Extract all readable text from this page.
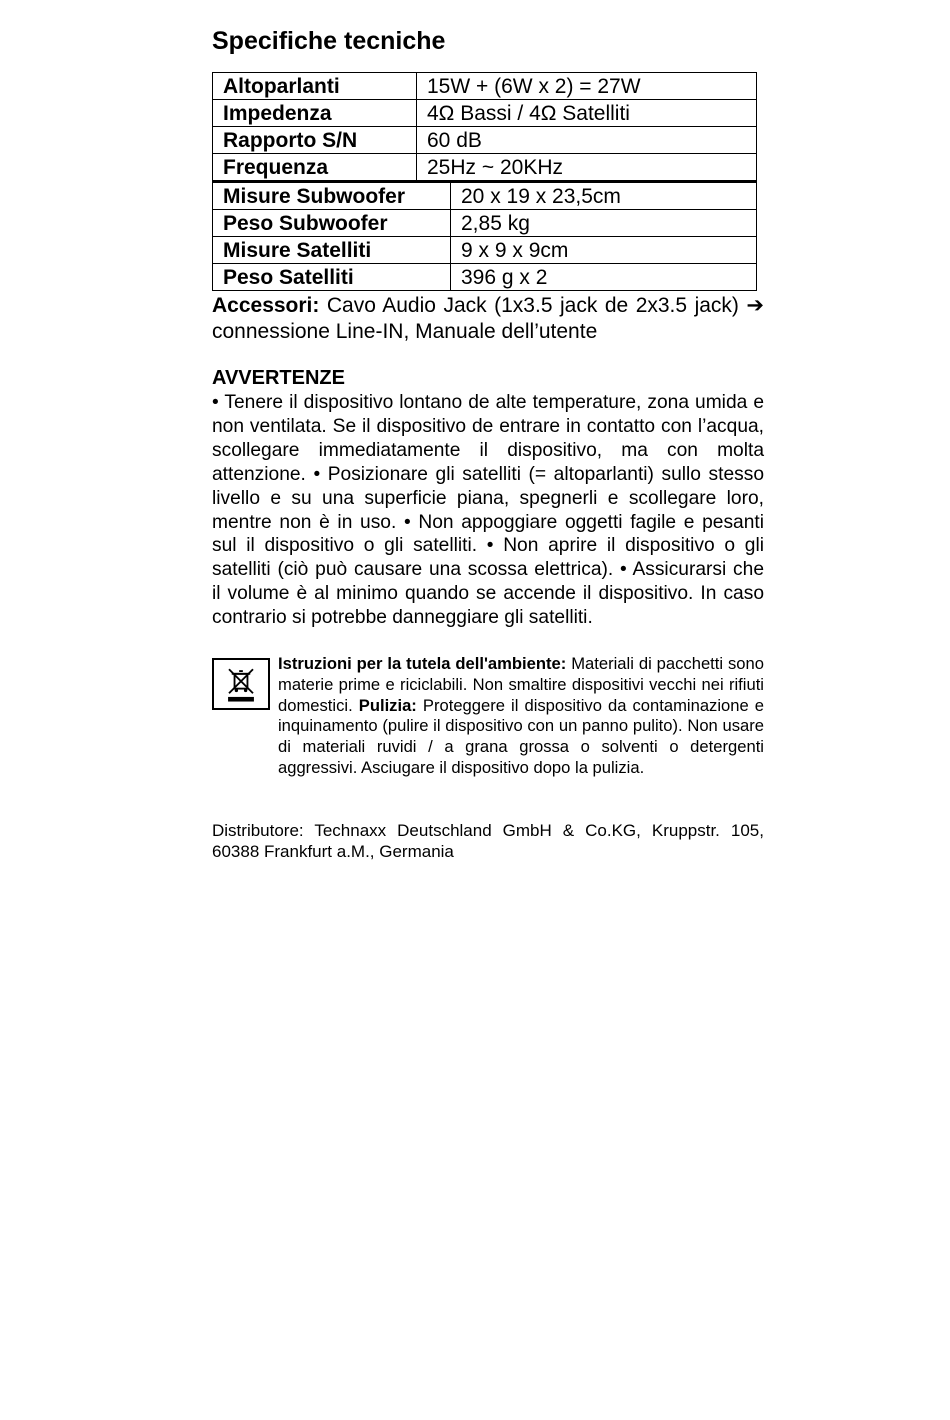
Specifiche tecniche
Altoparlanti	15W + (6W x 2) = 27W
Impedenza	4Ω Bassi / 4Ω Satelliti
Rapporto S/N	60 dB
Frequenza	25Hz ~ 20KHz
Misure Subwoofer	20 x 19 x 23,5cm
Peso Subwoofer	2,85 kg
Misure Satelliti	9 x 9 x 9cm
Peso Satelliti	396 g x 2

Accessori: Cavo Audio Jack (1x3.5 jack de 2x3.5 jack) ➔ connessione Line-IN, Manuale dell’utente

AVVERTENZE

• Tenere il dispositivo lontano de alte temperature, zona umida e non ventilata. Se il dispositivo de entrare in contatto con l’acqua, scollegare immediatamente il dispositivo, ma con molta attenzione. • Posizionare gli satelliti (= altoparlanti) sullo stesso livello e su una superficie piana, spegnerli e scollegare loro, mentre non è in uso. • Non appoggiare oggetti fagile e pesanti sul il dispositivo o gli satelliti. • Non aprire il dispositivo o gli satelliti (ciò può causare una scossa elettrica). • Assicurarsi che il volume è al minimo quando se accende il dispositivo. In caso contrario si potrebbe danneggiare gli satelliti.

Istruzioni per la tutela dell'ambiente: Materiali di pacchetti sono materie prime e riciclabili. Non smaltire dispositivi vecchi nei rifiuti domestici. Pulizia: Proteggere il dispositivo da contaminazione e inquinamento (pulire il dispositivo con un panno pulito). Non usare di materiali ruvidi / a grana grossa o solventi o detergenti aggressivi. Asciugare il dispositivo dopo la pulizia.

Distributore: Technaxx Deutschland GmbH & Co.KG, Kruppstr. 105, 60388 Frankfurt a.M., Germania
